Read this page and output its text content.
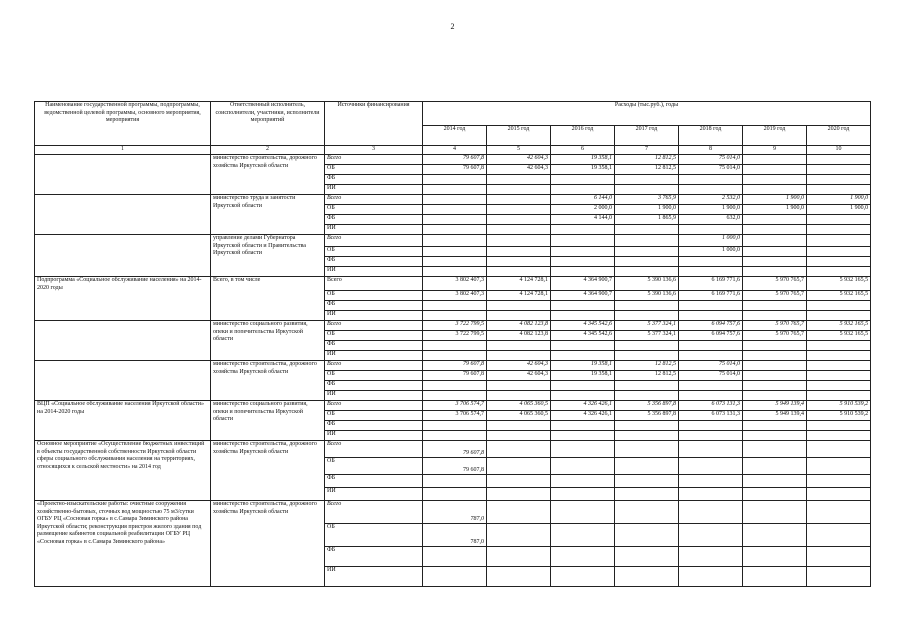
2
Наименование государственной программы, подпрограммы, ведомственной целевой программы, основного мероприятия, мероприятия	Ответственный исполнитель, соисполнители, участники, исполнители мероприятий	Источники финансирования	Расходы (тыс.руб.), годы						
			2014 год	2015 год	2016 год	2017 год	2018 год	2019 год	2020 год
1	2	3	4	5	6	7	8	9	10
	министерство строительства, дорожного хозяйства Иркутской области	Всего	79 607,8	42 604,3	19 358,1	12 812,5	75 014,0		
		ОБ	79 607,8	42 604,3	19 358,1	12 812,5	75 014,0		
		ФБ							
		ИИ							
	министерство труда и занятости Иркутской области	Всего			6 144,0	3 765,9	2 532,0	1 900,0	1 900,0
		ОБ			2 000,0	1 900,0	1 900,0	1 900,0	1 900,0
		ФБ			4 144,0	1 865,9	632,0		
		ИИ							
	управление делами Губернатора Иркутской области и Правительства Иркутской области	Всего					1 000,0		
		ОБ					1 000,0		
		ФБ							
		ИИ							
Подпрограмма «Социальное обслуживание населения» на 2014-2020 годы	Всего, в том числе	Всего	3 802 407,3	4 124 728,1	4 364 900,7	5 390 136,6	6 169 771,6	5 970 765,7	5 932 165,5
		ОБ	3 802 407,3	4 124 728,1	4 364 900,7	5 390 136,6	6 169 771,6	5 970 765,7	5 932 165,5
		ФБ							
		ИИ							
	министерство социального развития, опеки и попечительства Иркутской области	Всего	3 722 799,5	4 082 123,8	4 345 542,6	5 377 324,1	6 094 757,6	5 970 765,7	5 932 165,5
		ОБ	3 722 799,5	4 082 123,8	4 345 542,6	5 377 324,1	6 094 757,6	5 970 765,7	5 932 165,5
		ФБ							
		ИИ							
	министерство строительства, дорожного хозяйства Иркутской области	Всего	79 607,8	42 604,3	19 358,1	12 812,5	75 014,0		
		ОБ	79 607,8	42 604,3	19 358,1	12 812,5	75 014,0		
		ФБ							
		ИИ							
ВЦП «Социальное обслуживание населения Иркутской области» на 2014-2020 годы	министерство социального развития, опеки и попечительства Иркутской области	Всего	3 706 574,7	4 065 360,5	4 326 426,1	5 356 897,8	6 073 131,3	5 949 139,4	5 910 539,2
		ОБ	3 706 574,7	4 065 360,5	4 326 426,1	5 356 897,8	6 073 131,3	5 949 139,4	5 910 539,2
		ФБ							
		ИИ							
Основное мероприятие «Осуществление бюджетных инвестиций в объекты государственной собственности Иркутской области сферы социального обслуживания населения на территориях, относящихся к сельской местности» на 2014 год	министерство строительства, дорожного хозяйства Иркутской области	Всего	79 607,8						
		ОБ	79 607,8						
		ФБ							
		ИИ							
«Проектно-изыскательские работы: очистные сооружения хозяйственно-бытовых, сточных вод мощностью 75 м3/сутки ОГБУ РЦ «Сосновая горка» в с.Самара Зиминского района Иркутской области; реконструкция пристроя жилого здания под размещение кабинетов социальной реабилитации ОГБУ РЦ «Сосновая горка» в с.Самара Зиминского района»	министерство строительства, дорожного хозяйства Иркутской области	Всего	787,0						
		ОБ	787,0						
		ФБ							
		ИИ							
